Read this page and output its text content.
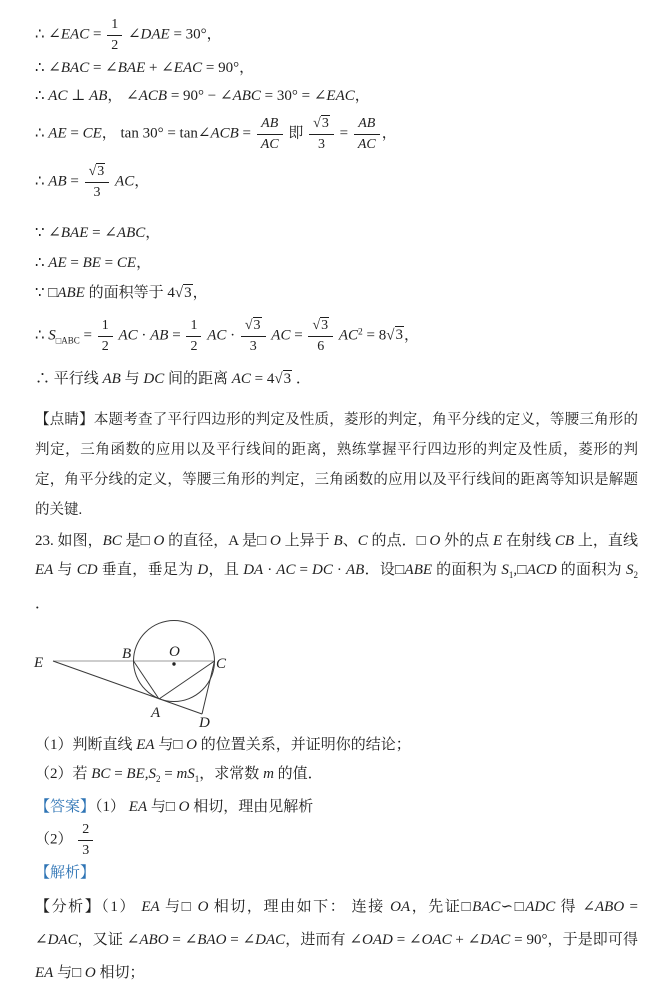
∴ ∠EAC = $\frac{1}{2}$ ∠DAE = 30°，
∴ ∠BAC = ∠BAE + ∠EAC = 90°，
∴ AC ⊥ AB， ∠ACB = 90° − ∠ABC = 30° = ∠EAC，
∴ AE = CE， tan 30° = tan∠ACB = $\frac{AB}{AC}$ 即 $\frac{√3}{3} = \frac{AB}{AC}$ ，
∴ AB = $\frac{√3}{3}$ AC，
∵ ∠BAE = ∠ABC，
∴ AE = BE = CE，
∵ □ABE 的面积等于 4√3，
∴ $S_{□ABC} = \frac{1}{2}$ AC · AB = $\frac{1}{2}$ AC · $\frac{√3}{3}$ AC = $\frac{√3}{6} AC^2 = 8√3$，
∴ 平行线 AB 与 DC 间的距离 AC = 4√3 ．

【点睛】本题考查了平行四边形的判定及性质，菱形的判定，角平分线的定义，等腰三角形的判定，三角函数的应用以及平行线间的距离，熟练掌握平行四边形的判定及性质，菱形的判定，角平分线的定义，等腰三角形的判定，三角函数的应用以及平行线间的距离等知识是解题的关键.

23. 如图，BC 是□ O 的直径，A 是□ O 上异于 B、C 的点．□ O 外的点 E 在射线 CB 上，直线 EA 与 CD 垂直，垂足为 D，且 DA · AC = DC · AB．设□ABE 的面积为 $S_1,□ACD$ 的面积为 $S_2$ ．

E
B	O
C
A
D
（1）判断直线 EA 与□ O 的位置关系，并证明你的结论；
（2）若 BC = $BE,S_2 = mS_1$，求常数 m 的值．
【答案】（1） EA 与□ O 相切，理由见解析
$(2) \frac{2}{3}$
【解析】

【分析】（1） EA 与□ O 相切，理由如下： 连接 OA，先证□BAC∽□ADC 得 ∠ABO = ∠DAC，又证 ∠ABO = ∠BAO = ∠DAC，进而有 ∠OAD = ∠OAC + ∠DAC = 90°，于是即可得 EA 与□ O 相切；
